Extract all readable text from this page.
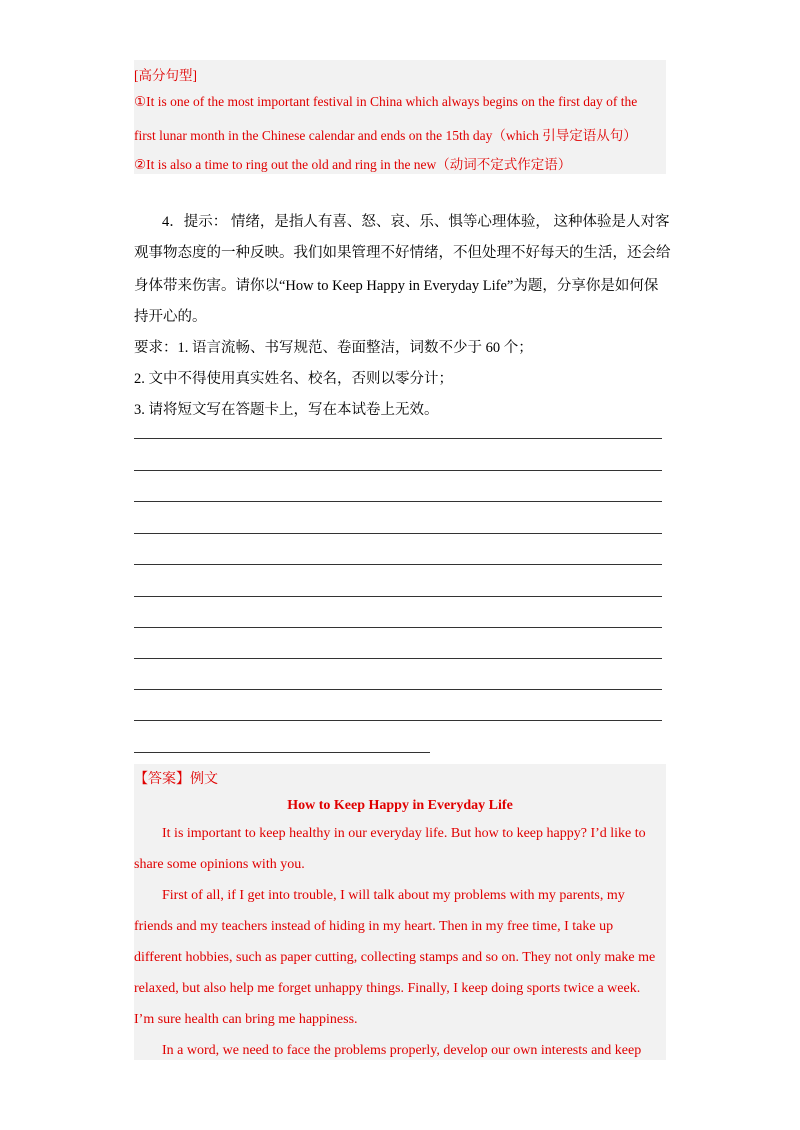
[高分句型]
①It is one of the most important festival in China which always begins on the first day of the
first lunar month in the Chinese calendar and ends on the 15th day（which 引导定语从句）
②It is also a time to ring out the old and ring in the new（动词不定式作定语）
4．提示： 情绪，是指人有喜、怒、哀、乐、惧等心理体验， 这种体验是人对客
观事物态度的一种反映。我们如果管理不好情绪，不但处理不好每天的生活，还会给
身体带来伤害。请你以“How to Keep Happy in Everyday Life”为题，分享你是如何保
持开心的。
要求：1. 语言流畅、书写规范、卷面整洁，词数不少于 60 个；
2. 文中不得使用真实姓名、校名，否则以零分计；
3. 请将短文写在答题卡上，写在本试卷上无效。
【答案】例文
How to Keep Happy in Everyday Life
It is important to keep healthy in our everyday life. But how to keep happy? I’d like to
share some opinions with you.
First of all, if I get into trouble, I will talk about my problems with my parents, my
friends and my teachers instead of hiding in my heart. Then in my free time, I take up
different hobbies, such as paper cutting, collecting stamps and so on. They not only make me
relaxed, but also help me forget unhappy things. Finally, I keep doing sports twice a week.
I’m sure health can bring me happiness.
In a word, we need to face the problems properly, develop our own interests and keep
